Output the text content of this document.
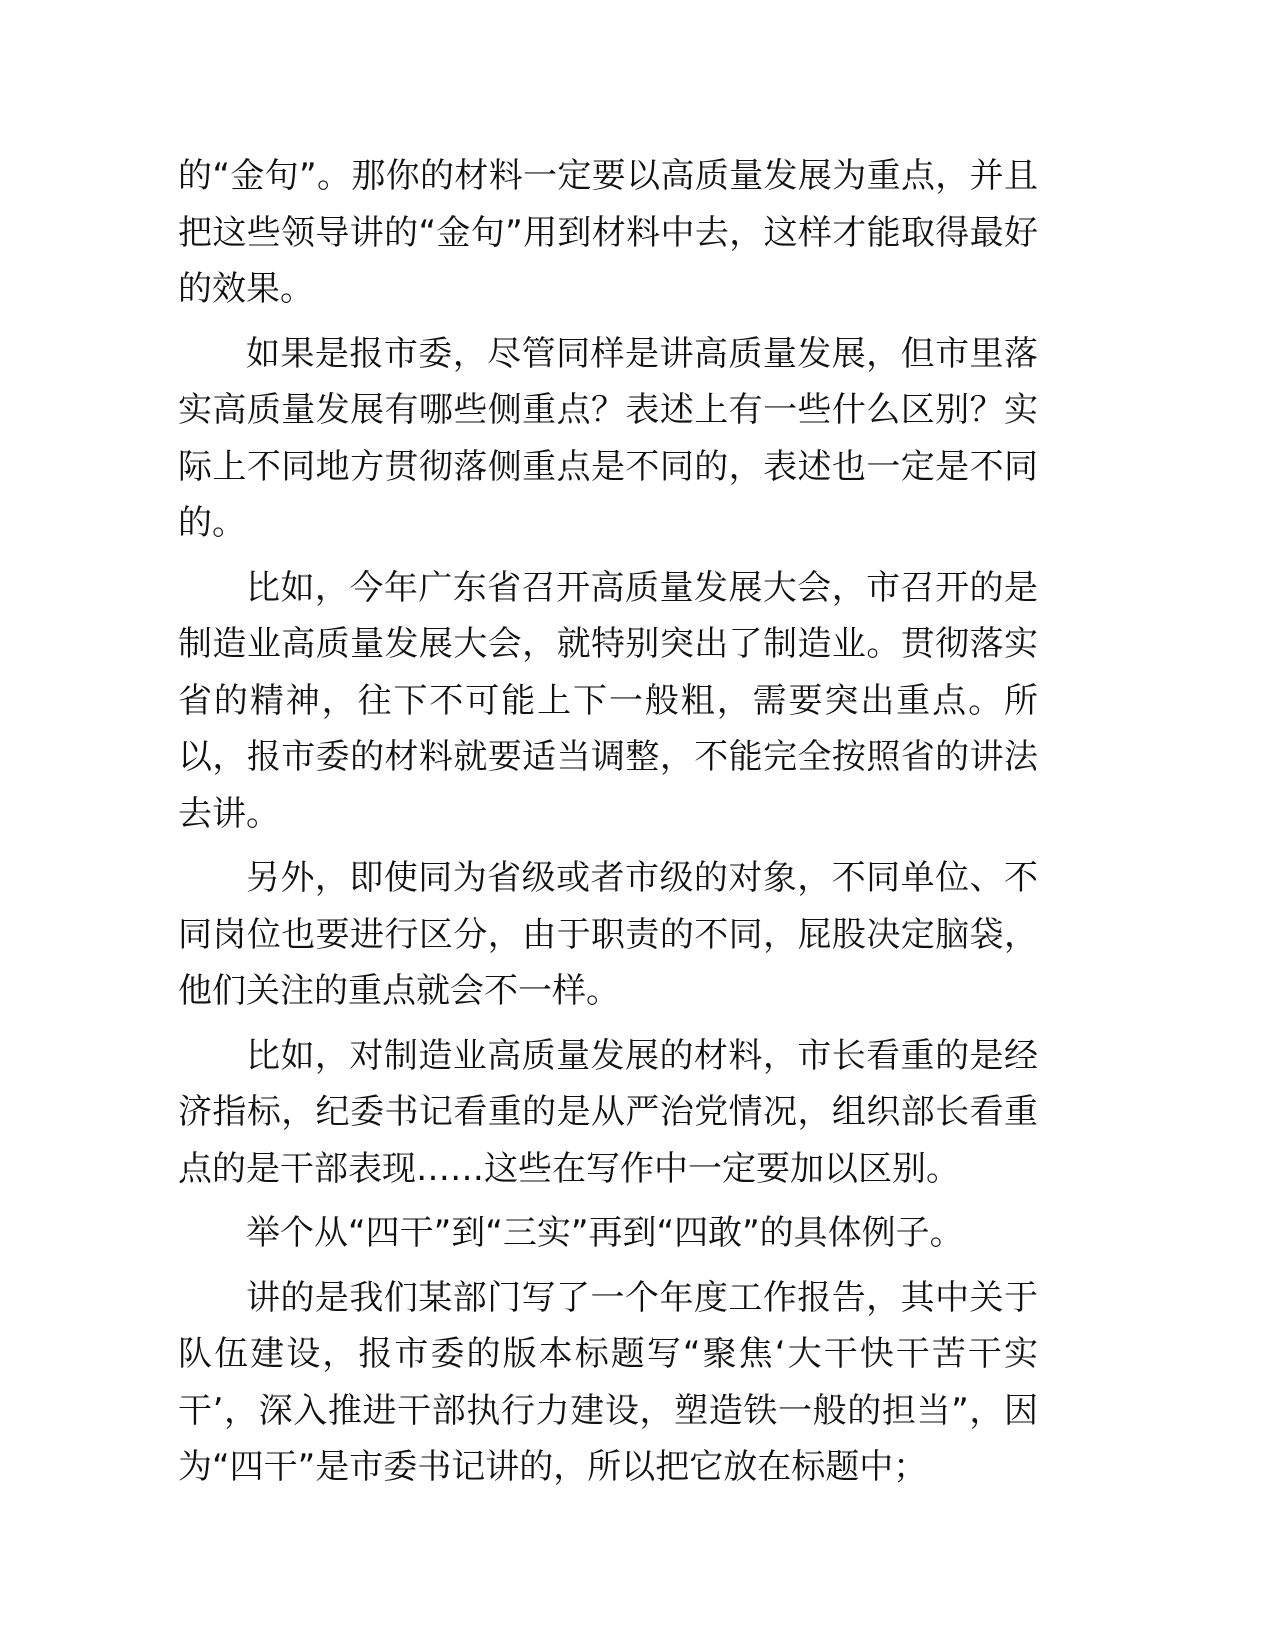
的“金句”。那你的材料一定要以高质量发展为重点，并且把这些领导讲的“金句”用到材料中去，这样才能取得最好的效果。

如果是报市委，尽管同样是讲高质量发展，但市里落实高质量发展有哪些侧重点？表述上有一些什么区别？实际上不同地方贯彻落侧重点是不同的，表述也一定是不同的。

比如，今年广东省召开高质量发展大会，市召开的是制造业高质量发展大会，就特别突出了制造业。贯彻落实省的精神，往下不可能上下一般粗，需要突出重点。所以，报市委的材料就要适当调整，不能完全按照省的讲法去讲。

另外，即使同为省级或者市级的对象，不同单位、不同岗位也要进行区分，由于职责的不同，屁股决定脑袋，他们关注的重点就会不一样。

比如，对制造业高质量发展的材料，市长看重的是经济指标，纪委书记看重的是从严治党情况，组织部长看重点的是干部表现……这些在写作中一定要加以区别。

举个从“四干”到“三实”再到“四敢”的具体例子。

讲的是我们某部门写了一个年度工作报告，其中关于队伍建设，报市委的版本标题写“聚焦‘大干快干苦干实干’，深入推进干部执行力建设，塑造铁一般的担当”，因为“四干”是市委书记讲的，所以把它放在标题中；
